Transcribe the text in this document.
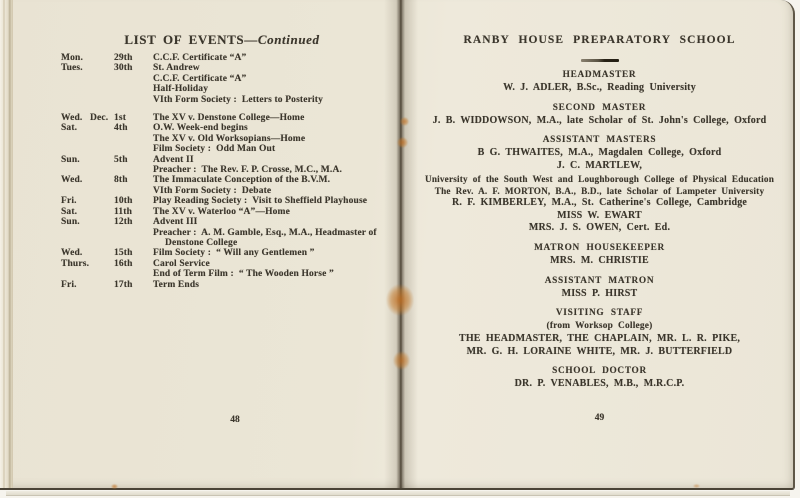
LIST OF EVENTS—Continued
Mon.	29th	C.C.F. Certificate “A”
Tues.	30th	St. Andrew
C.C.F. Certificate “A”
Half-Holiday
VIth Form Society :  Letters to Posterity
Wed. Dec. 1st	The XV v. Denstone College—Home
Sat.	4th	O.W. Week-end begins
The XV v. Old Worksopians—Home
Film Society :  Odd Man Out
Sun.	5th	Advent II
Preacher :  The Rev. F. P. Crosse, M.C., M.A.
Wed.	8th	The Immaculate Conception of the B.V.M.
VIth Form Society :  Debate
Fri.	10th	Play Reading Society :  Visit to Sheffield Playhouse
Sat.	11th	The XV v. Waterloo “A”—Home
Sun.	12th	Advent III
Preacher :  A. M. Gamble, Esq., M.A., Headmaster of
Denstone College
Wed.	15th	Film Society :  “ Will any Gentlemen ”
Thurs.	16th	Carol Service
End of Term Film :  “ The Wooden Horse ”
Fri.	17th	Term Ends
48
RANBY HOUSE PREPARATORY SCHOOL
HEADMASTER
W. J. ADLER, B.Sc., Reading University
SECOND MASTER
J. B. WIDDOWSON, M.A., late Scholar of St. John's College, Oxford
ASSISTANT MASTERS
B G. THWAITES, M.A., Magdalen College, Oxford
J. C. MARTLEW,
University of the South West and Loughborough College of Physical Education
The Rev. A. F. MORTON, B.A., B.D., late Scholar of Lampeter University
R. F. KIMBERLEY, M.A., St. Catherine's College, Cambridge
MISS W. EWART
MRS. J. S. OWEN, Cert. Ed.
MATRON HOUSEKEEPER
MRS. M. CHRISTIE
ASSISTANT MATRON
MISS P. HIRST
VISITING STAFF
(from Worksop College)
THE HEADMASTER, THE CHAPLAIN, MR. L. R. PIKE,
MR. G. H. LORAINE WHITE, MR. J. BUTTERFIELD
SCHOOL DOCTOR
DR. P. VENABLES, M.B., M.R.C.P.
49
